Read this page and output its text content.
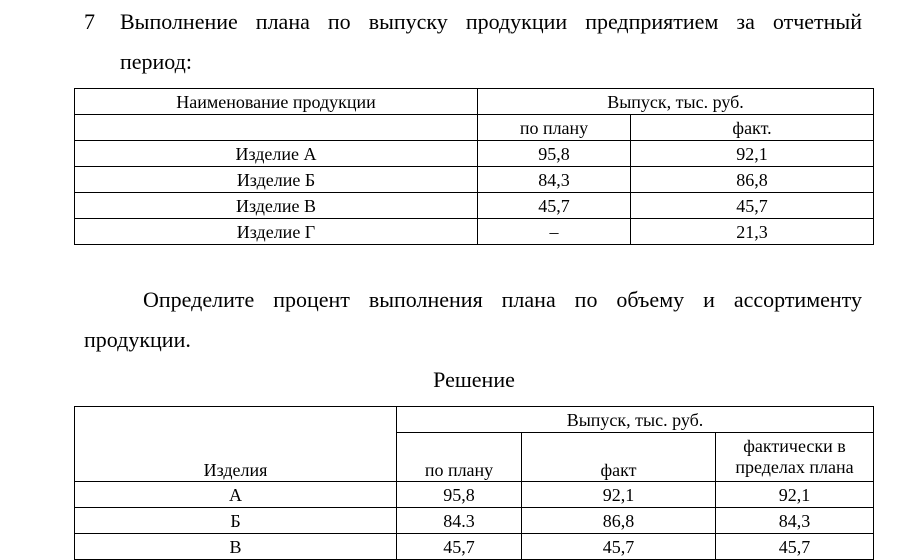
7 Выполнение плана по выпуску продукции предприятием за отчетный
период:
Наименование продукции	Выпуск, тыс. руб.	
	по плану	факт.
Изделие А	95,8	92,1
Изделие Б	84,3	86,8
Изделие В	45,7	45,7
Изделие Г	–	21,3
Определите процент выполнения плана по объему и ассортименту
продукции.
Решение
Изделия	Выпуск, тыс. руб.		
	по плану	факт	фактически в
пределах плана
А	95,8	92,1	92,1
Б	84.3	86,8	84,3
В	45,7	45,7	45,7
